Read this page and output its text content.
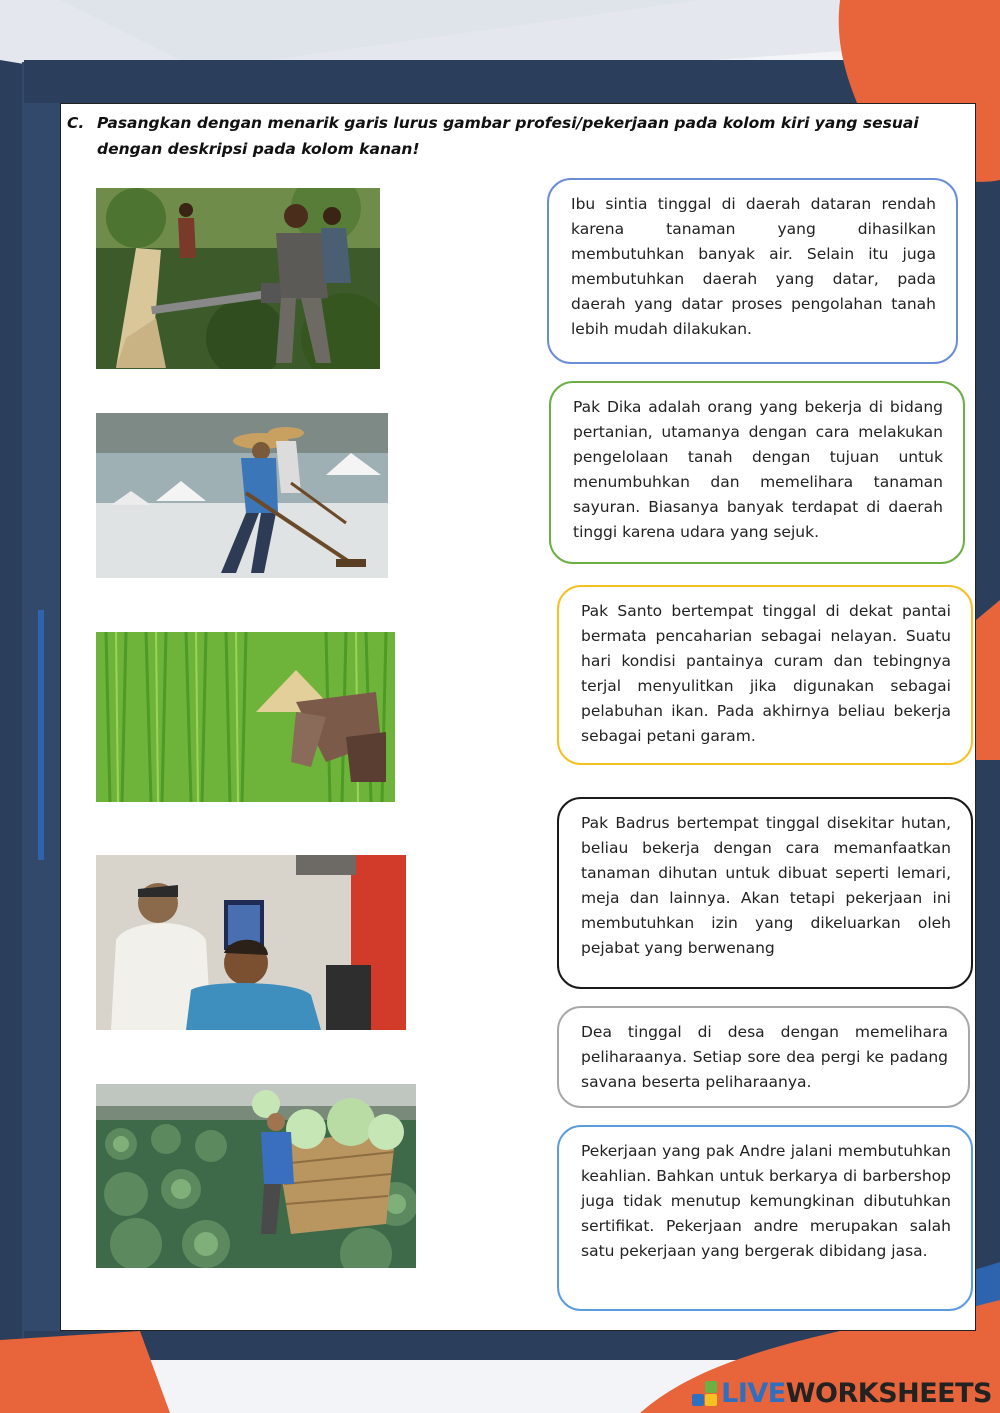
C. Pasangkan dengan menarik garis lurus gambar profesi/pekerjaan pada kolom kiri yang sesuai dengan deskripsi pada kolom kanan!

Ibu sintia tinggal di daerah dataran rendah karena tanaman yang dihasilkan membutuhkan banyak air. Selain itu juga membutuhkan daerah yang datar, pada daerah yang datar proses pengolahan tanah lebih mudah dilakukan.

Pak Dika adalah orang yang bekerja di bidang pertanian, utamanya dengan cara melakukan pengelolaan tanah dengan tujuan untuk menumbuhkan dan memelihara tanaman sayuran. Biasanya banyak terdapat di daerah tinggi karena udara yang sejuk.

Pak Santo bertempat tinggal di dekat pantai bermata pencaharian sebagai nelayan. Suatu hari kondisi pantainya curam dan tebingnya terjal menyulitkan jika digunakan sebagai pelabuhan ikan. Pada akhirnya beliau bekerja sebagai petani garam.

Pak Badrus bertempat tinggal disekitar hutan, beliau bekerja dengan cara memanfaatkan tanaman dihutan untuk dibuat seperti lemari, meja dan lainnya. Akan tetapi pekerjaan ini membutuhkan izin yang dikeluarkan oleh pejabat yang berwenang

Dea tinggal di desa dengan memelihara peliharaanya. Setiap sore dea pergi ke padang savana beserta peliharaanya.

Pekerjaan yang pak Andre jalani membutuhkan keahlian. Bahkan untuk berkarya di barbershop juga tidak menutup kemungkinan dibutuhkan sertifikat. Pekerjaan andre merupakan salah satu pekerjaan yang bergerak dibidang jasa.

LIVEWORKSHEETS
